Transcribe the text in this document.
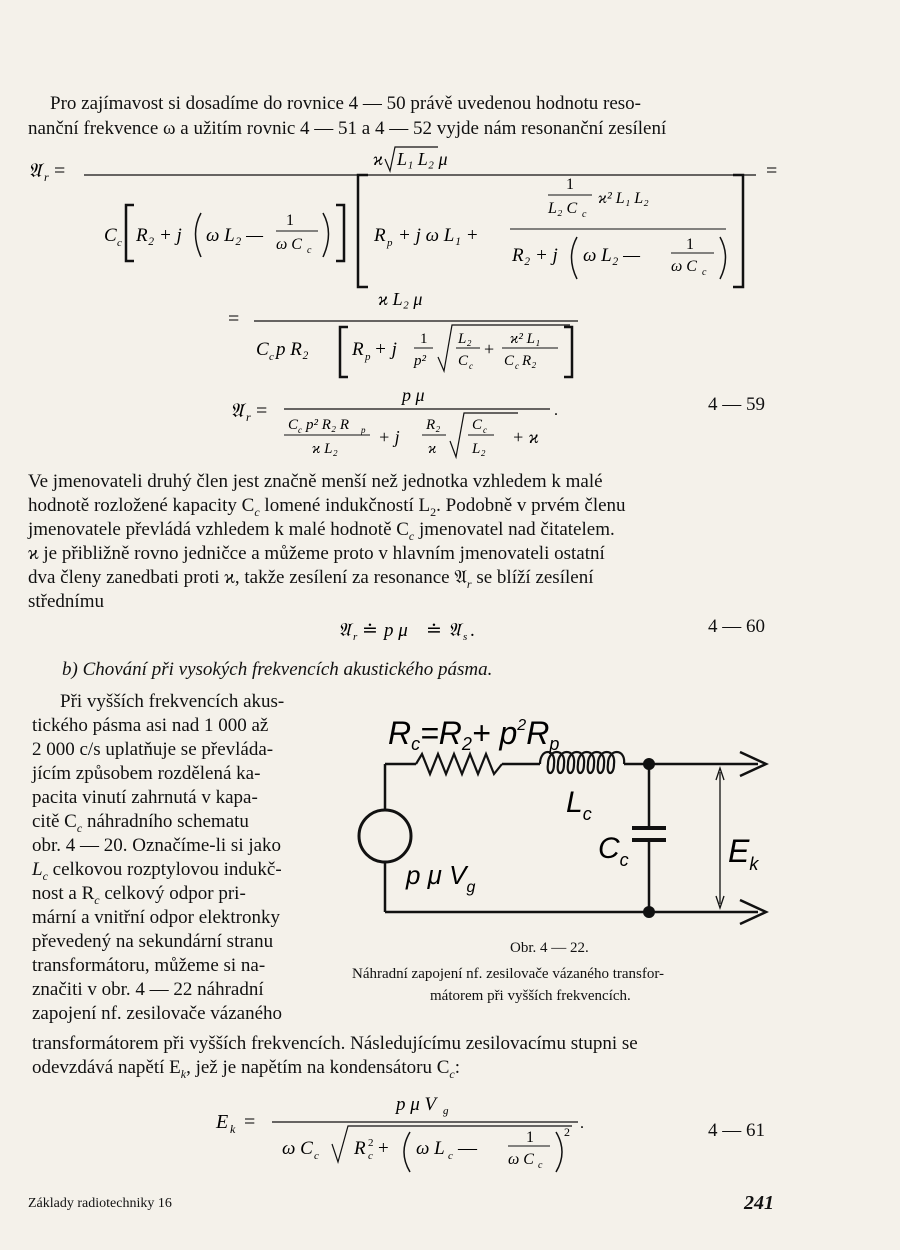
Pro zajímavost si dosadíme do rovnice 4 — 50 právě uvedenou hodnotu reso-
nanční frekvence ω a užitím rovnic 4 — 51 a 4 — 52 vyjde nám resonanční zesílení
𝔄 r =
ϰ L₁ L₂ μ
=
C c R₂ + j ω L₂ —
1
ω C c
R p + j ω L₁ +
1
L₂ C c
ϰ² L₁ L₂
R₂ + j ω L₂ —
1
ω C c
=
ϰ L₂ μ
C c p R₂ R p + j 1
p²
L₂
C c
+ ϰ² L₁
C c R₂
𝔄 r =
p μ
.
C c p² R₂ R p
ϰ L₂
+ j
R₂
ϰ
C c
L₂
+ ϰ
4 — 59
Ve jmenovateli druhý člen jest značně menší než jednotka vzhledem k malé
hodnotě rozložené kapacity $C_c$ lomené indukčností $L_2$. Podobně v prvém členu
jmenovatele převládá vzhledem k malé hodnotě $C_c$ jmenovatel nad čitatelem.
ϰ je přibližně rovno jedničce a můžeme proto v hlavním jmenovateli ostatní
dva členy zanedbati proti ϰ, takže zesílení za resonance 𝔄$_r$ se blíží zesílení
střednímu
𝔄 r ≐ p μ ≐ 𝔄 s .	4 — 60
b) Chování při vysokých frekvencích akustického pásma.
Při vyšších frekvencích akus-
tického pásma asi nad 1 000 až
2 000 c/s uplatňuje se převláda-
jícím způsobem rozdělená ka-
pacita vinutí zahrnutá v kapa-
citě $C_c$ náhradního schematu
obr. 4 — 20. Označíme-li si jako
$L_c$ celkovou rozptylovou indukč-
nost a $R_c$ celkový odpor pri-
mární a vnitřní odpor elektronky
převedený na sekundární stranu
transformátoru, můžeme si na-
značiti v obr. 4 — 22 náhradní
zapojení nf. zesilovače vázaného
$Rc=R2+ p^2Rp$
$L_c$
$C_c$	$E_k$
p μ $V_g$
Obr. 4 — 22.
Náhradní zapojení nf. zesilovače vázaného transfor-
mátorem při vyšších frekvencích.
transformátorem při vyšších frekvencích. Následujícímu zesilovacímu stupni se
odevzdává napětí $E_k$, jež je napětím na kondensátoru $C_c$:
E k =
p μ V g
.
ω C c R 2
c + ω L c —
1
ω C c
2	4 — 61
Základy radiotechniky 16	241
